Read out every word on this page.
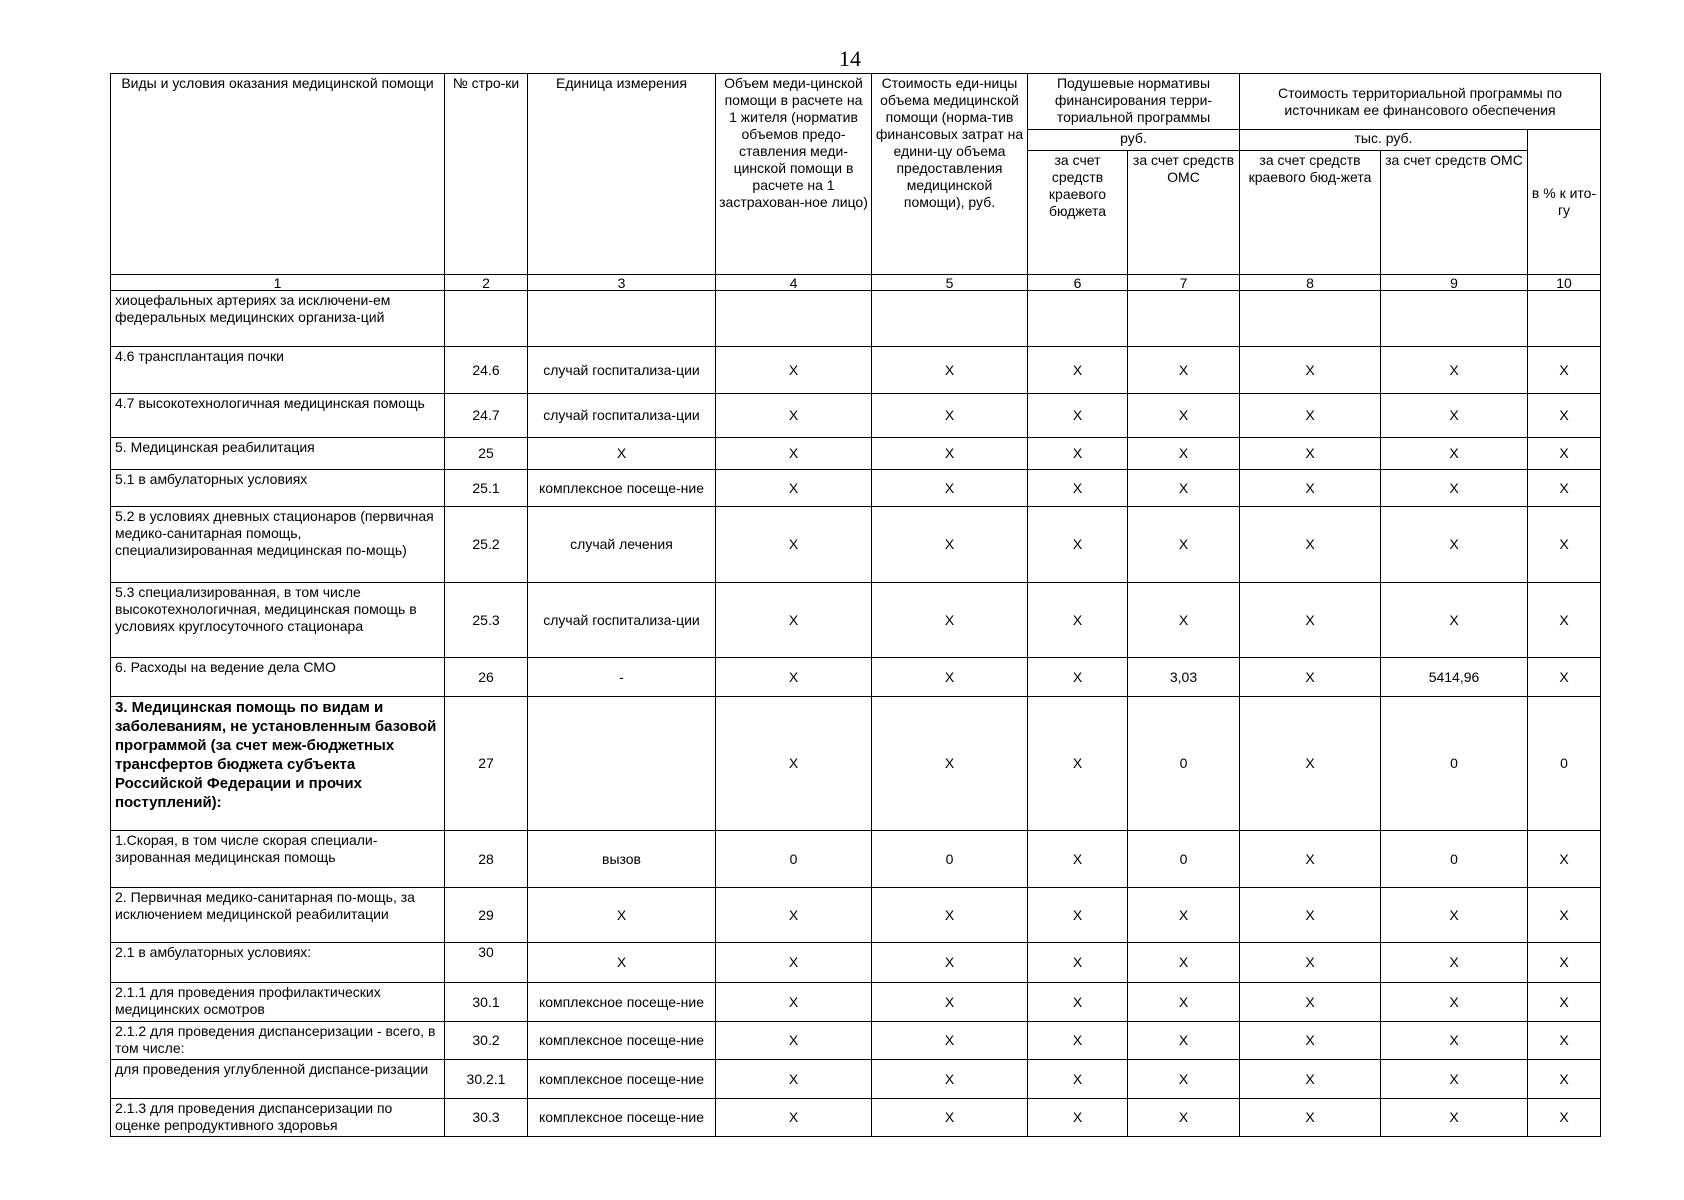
14
Виды и условия оказания медицинской помощи	№ стро-ки	Единица измерения	Объем меди-цинской помощи в расчете на 1 жителя (норматив объемов предо-ставления меди-цинской помощи в расчете на 1 застрахован-ное лицо)	Стоимость еди-ницы объема медицинской помощи (норма-тив финансовых затрат на едини-цу объема предоставления медицинской помощи), руб.	Подушевые нормативы финансирования терри-ториальной программы		Стоимость территориальной программы по источникам ее финансового обеспечения		
					руб.		тыс. руб.		в % к ито-гу
					за счет средств краевого бюджета	за счет средств ОМС	за счет средств краевого бюд-жета	за счет средств ОМС	
1	2	3	4	5	6	7	8	9	10
хиоцефальных артериях за исключени-ем федеральных медицинских организа-ций									
4.6 трансплантация почки	24.6	случай госпитализа-ции	Х	Х	Х	Х	Х	Х	Х
4.7 высокотехнологичная медицинская помощь	24.7	случай госпитализа-ции	Х	Х	Х	Х	Х	Х	Х
5. Медицинская реабилитация	25	Х	Х	Х	Х	Х	Х	Х	Х
5.1 в амбулаторных условиях	25.1	комплексное посеще-ние	Х	Х	Х	Х	Х	Х	Х
5.2 в условиях дневных стационаров (первичная медико-санитарная помощь, специализированная медицинская по-мощь)	25.2	случай лечения	Х	Х	Х	Х	Х	Х	Х
5.3 специализированная, в том числе высокотехнологичная, медицинская помощь в условиях круглосуточного стационара	25.3	случай госпитализа-ции	Х	Х	Х	Х	Х	Х	Х
6. Расходы на ведение дела СМО	26	-	Х	Х	Х	3,03	Х	5414,96	Х
3. Медицинская помощь по видам и заболеваниям, не установленным базовой программой (за счет меж-бюджетных трансфертов бюджета субъекта Российской Федерации и прочих поступлений):	27		Х	Х	Х	0	Х	0	0
1.Скорая, в том числе скорая специали-зированная медицинская помощь	28	вызов	0	0	Х	0	Х	0	Х
2. Первичная медико-санитарная по-мощь, за исключением медицинской реабилитации	29	Х	Х	Х	Х	Х	Х	Х	Х
2.1 в амбулаторных условиях:	30	Х	Х	Х	Х	Х	Х	Х	Х
2.1.1 для проведения профилактических медицинских осмотров	30.1	комплексное посеще-ние	Х	Х	Х	Х	Х	Х	Х
2.1.2 для проведения диспансеризации - всего, в том числе:	30.2	комплексное посеще-ние	Х	Х	Х	Х	Х	Х	Х
для проведения углубленной диспансе-ризации	30.2.1	комплексное посеще-ние	Х	Х	Х	Х	Х	Х	Х
2.1.3 для проведения диспансеризации по оценке репродуктивного здоровья	30.3	комплексное посеще-ние	Х	Х	Х	Х	Х	Х	Х
